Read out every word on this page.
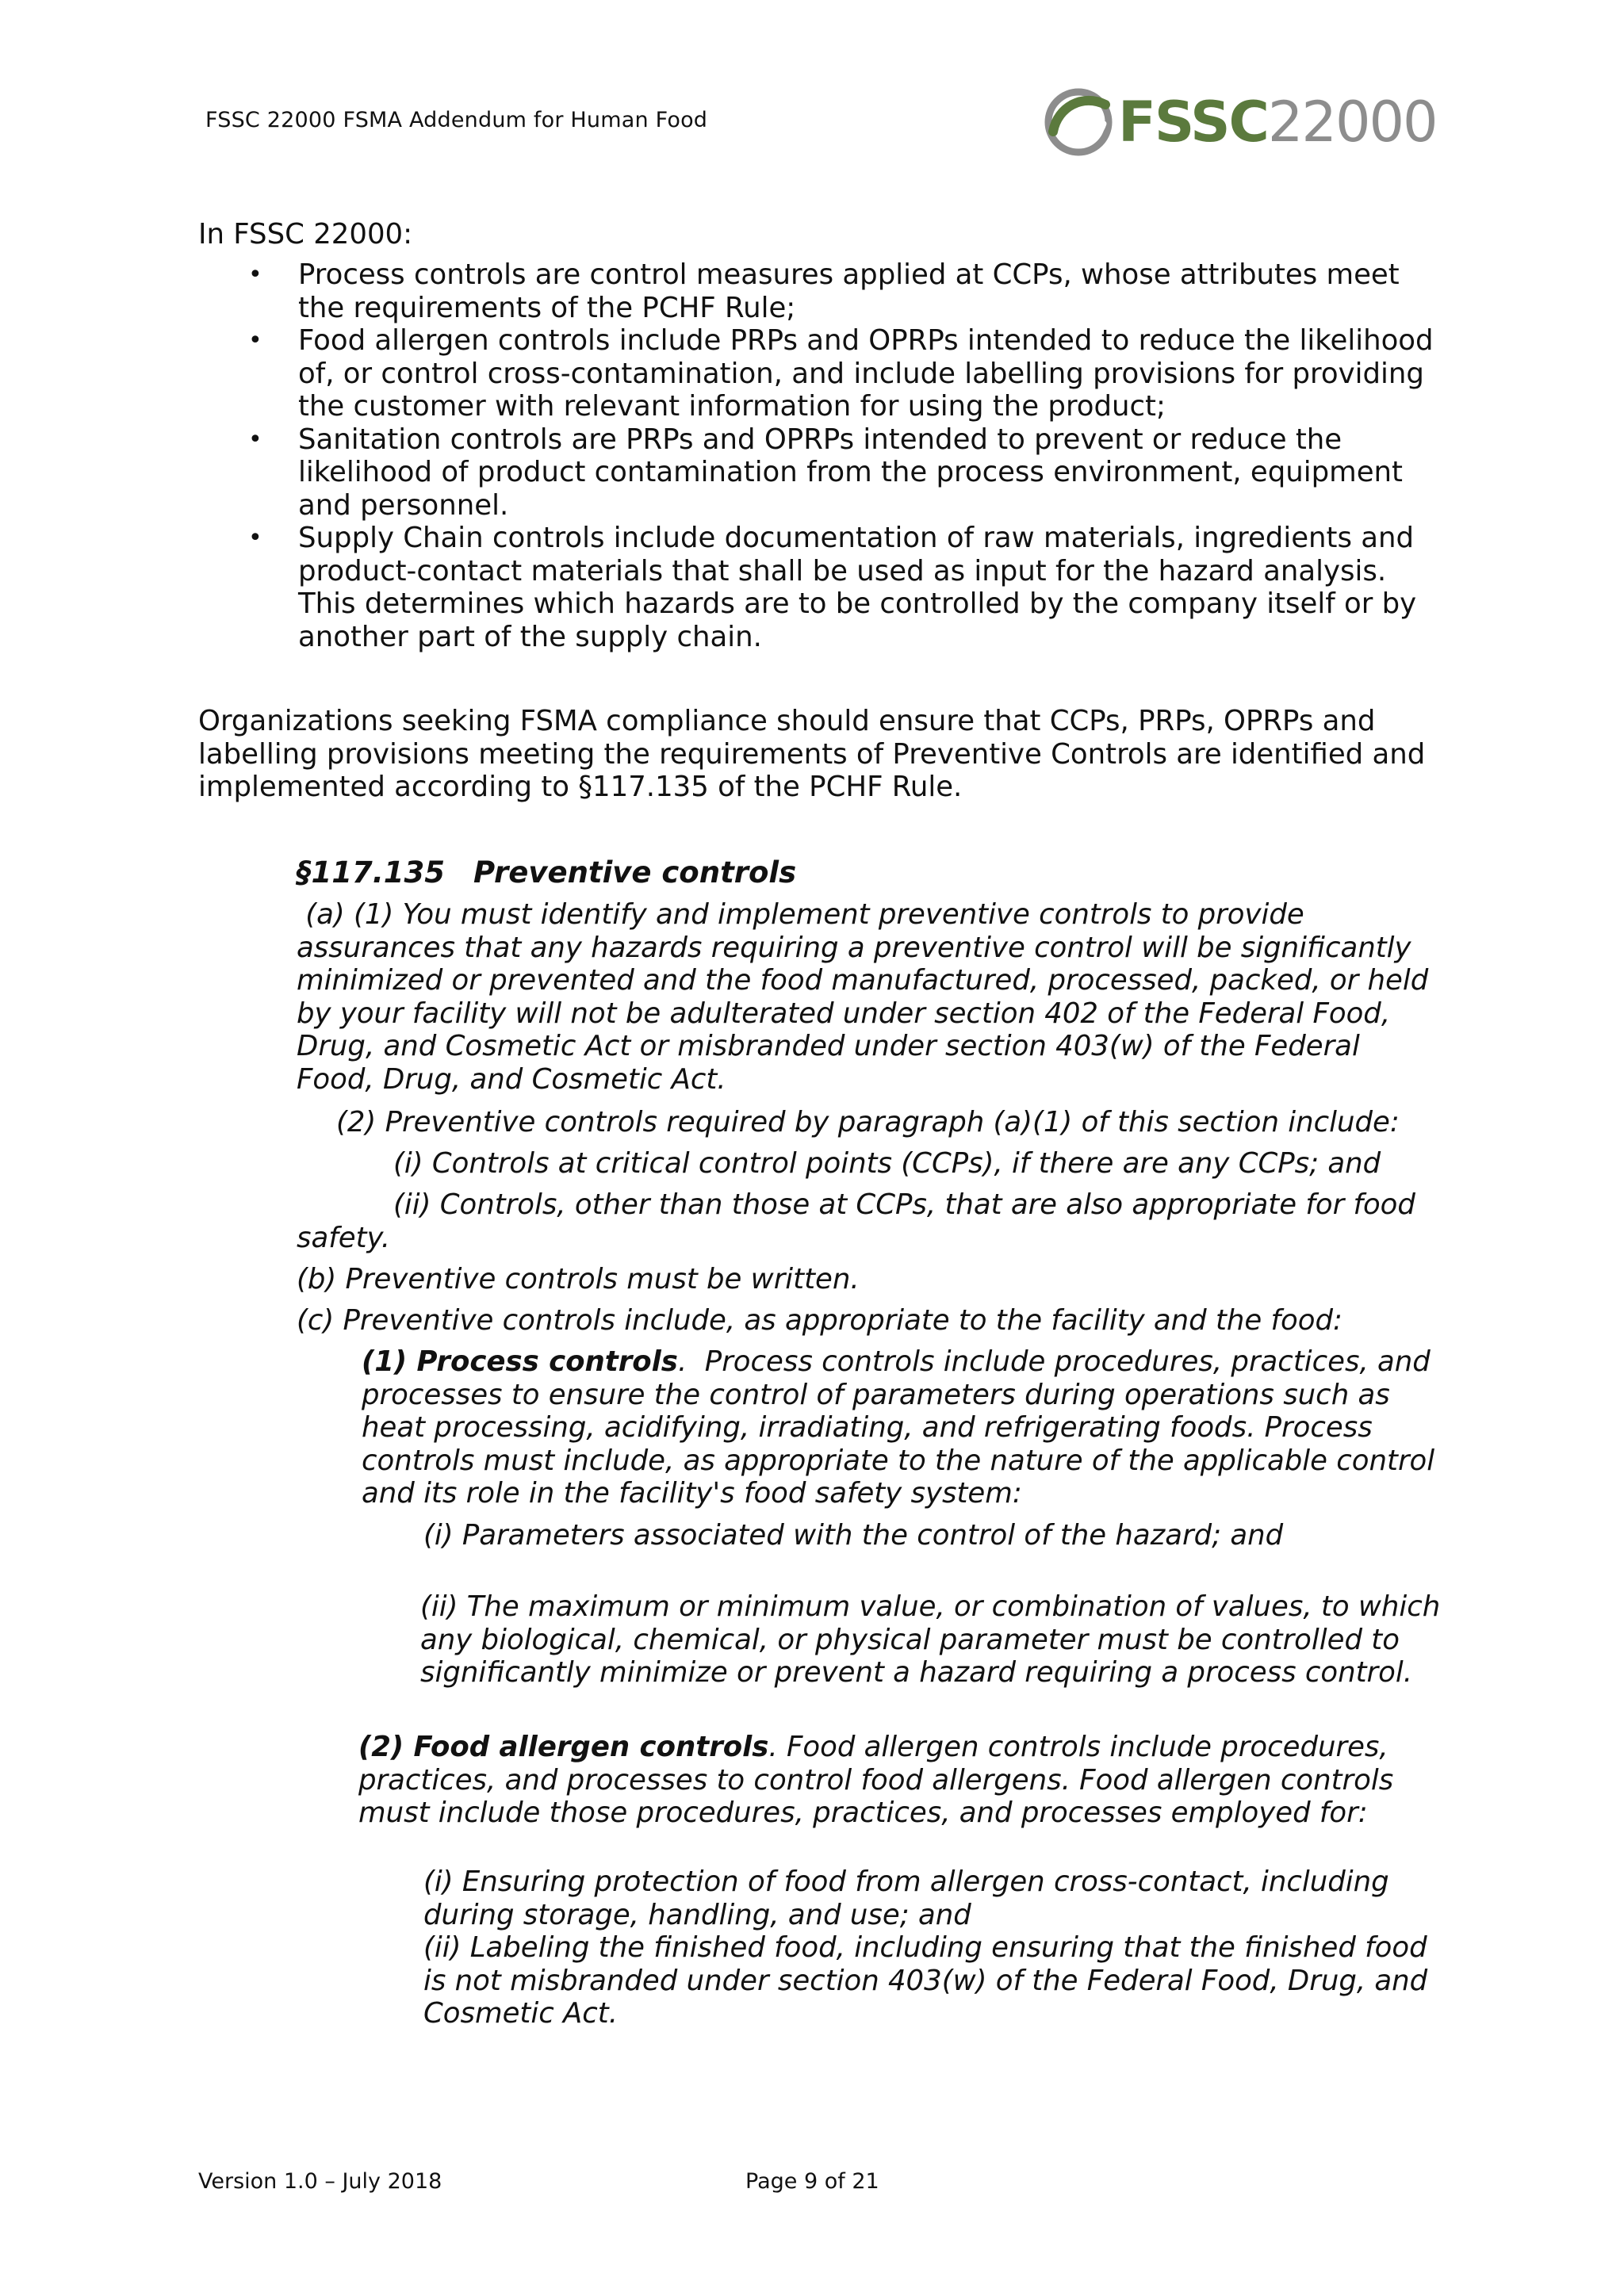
FSSC 22000 FSMA Addendum for Human Food	FSSC22000
In FSSC 22000:
• Process controls are control measures applied at CCPs, whose attributes meet the requirements of the PCHF Rule;
• Food allergen controls include PRPs and OPRPs intended to reduce the likelihood of, or control cross-contamination, and include labelling provisions for providing the customer with relevant information for using the product;
• Sanitation controls are PRPs and OPRPs intended to prevent or reduce the likelihood of product contamination from the process environment, equipment and personnel.
• Supply Chain controls include documentation of raw materials, ingredients and product-contact materials that shall be used as input for the hazard analysis. This determines which hazards are to be controlled by the company itself or by another part of the supply chain.
Organizations seeking FSMA compliance should ensure that CCPs, PRPs, OPRPs and labelling provisions meeting the requirements of Preventive Controls are identified and implemented according to §117.135 of the PCHF Rule.
§117.135 Preventive controls
(a) (1) You must identify and implement preventive controls to provide assurances that any hazards requiring a preventive control will be significantly minimized or prevented and the food manufactured, processed, packed, or held by your facility will not be adulterated under section 402 of the Federal Food, Drug, and Cosmetic Act or misbranded under section 403(w) of the Federal Food, Drug, and Cosmetic Act.
(2) Preventive controls required by paragraph (a)(1) of this section include:
(i) Controls at critical control points (CCPs), if there are any CCPs; and
(ii) Controls, other than those at CCPs, that are also appropriate for food safety.
(b) Preventive controls must be written.
(c) Preventive controls include, as appropriate to the facility and the food:
(1) Process controls.  Process controls include procedures, practices, and processes to ensure the control of parameters during operations such as heat processing, acidifying, irradiating, and refrigerating foods. Process controls must include, as appropriate to the nature of the applicable control and its role in the facility's food safety system:
(i) Parameters associated with the control of the hazard; and
(ii) The maximum or minimum value, or combination of values, to which any biological, chemical, or physical parameter must be controlled to significantly minimize or prevent a hazard requiring a process control.
(2) Food allergen controls. Food allergen controls include procedures, practices, and processes to control food allergens. Food allergen controls must include those procedures, practices, and processes employed for:
(i) Ensuring protection of food from allergen cross-contact, including during storage, handling, and use; and
(ii) Labeling the finished food, including ensuring that the finished food is not misbranded under section 403(w) of the Federal Food, Drug, and Cosmetic Act.
Version 1.0 – July 2018	Page 9 of 21
